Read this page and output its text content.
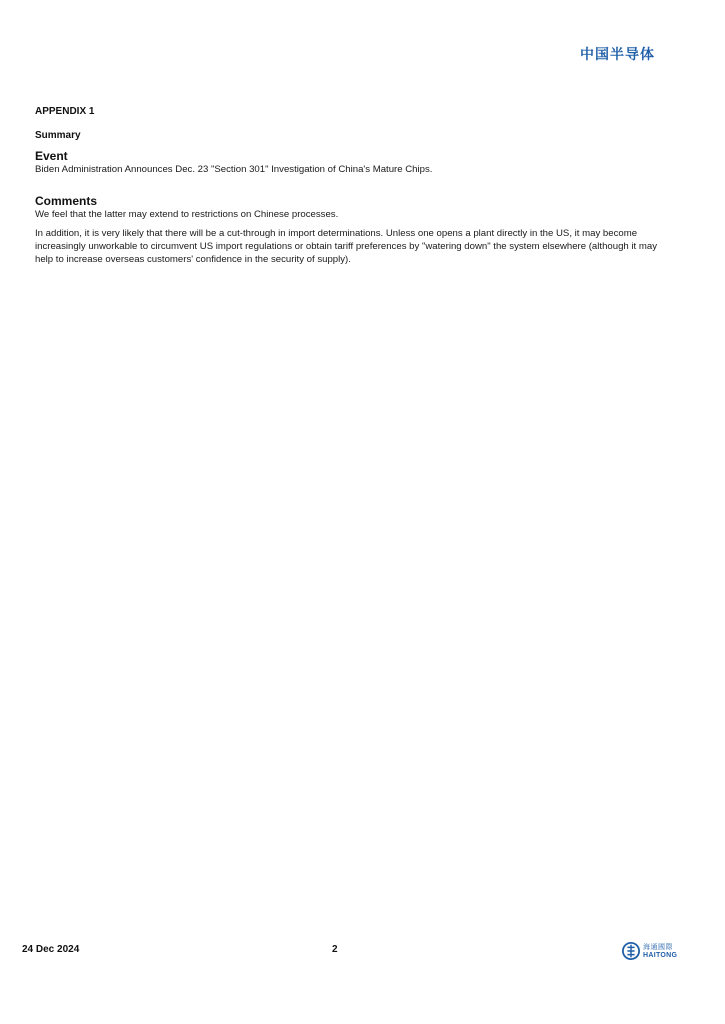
中国半导体

APPENDIX 1

Summary

Event

Biden Administration Announces Dec. 23 "Section 301" Investigation of China's Mature Chips.

Comments

We feel that the latter may extend to restrictions on Chinese processes.

In addition, it is very likely that there will be a cut-through in import determinations. Unless one opens a plant directly in the US, it may become increasingly unworkable to circumvent US import regulations or obtain tariff preferences by "watering down" the system elsewhere (although it may help to increase overseas customers' confidence in the security of supply).

24 Dec 2024	2	海通國際
HAITONG
